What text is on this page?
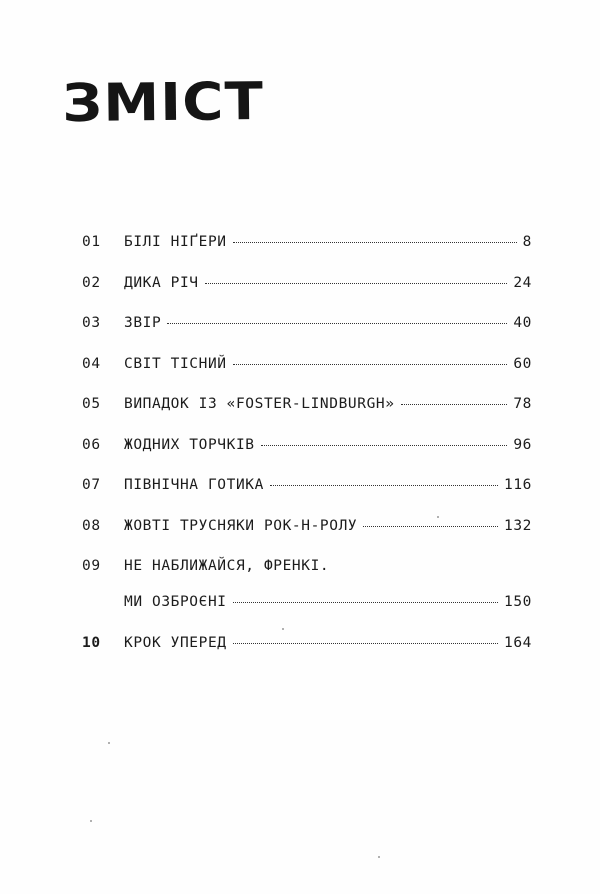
ЗМІСТ
01	БІЛІ НІҐЕРИ	8
02	ДИКА РІЧ	24
03	ЗВІР	40
04	СВІТ ТІСНИЙ	60
05	ВИПАДОК ІЗ «FOSTER-LINDBURGH»	78
06	ЖОДНИХ ТОРЧКІВ	96
07	ПІВНІЧНА ГОТИКА	116
08	ЖОВТІ ТРУСНЯКИ РОК-Н-РОЛУ	132
09	НЕ НАБЛИЖАЙСЯ, ФРЕНКІ.
МИ ОЗБРОЄНІ	150
10	КРОК УПЕРЕД	164
